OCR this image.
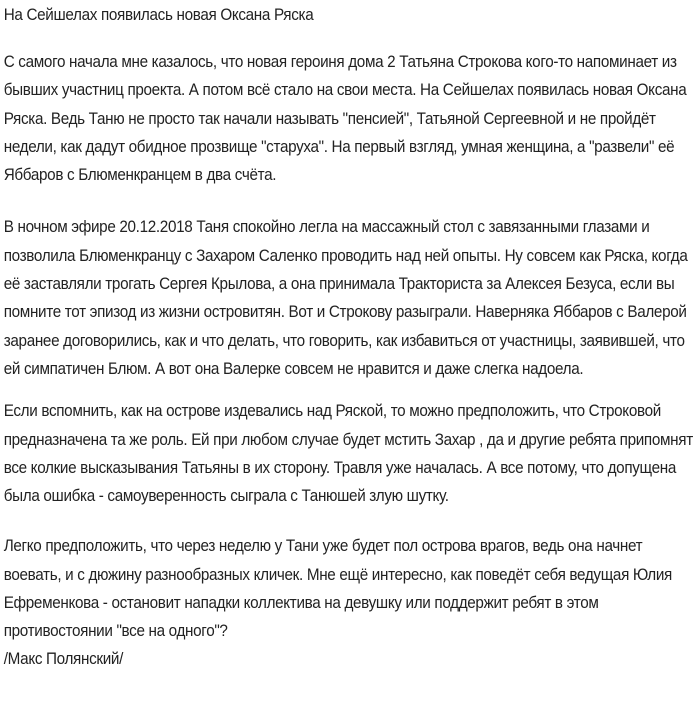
На Сейшелах появилась новая Оксана Ряска

С самого начала мне казалось, что новая героиня дома 2 Татьяна Строкова кого-то напоминает из бывших участниц проекта. А потом всё стало на свои места. На Сейшелах появилась новая Оксана Ряска. Ведь Таню не просто так начали называть "пенсией", Татьяной Сергеевной и не пройдёт недели, как дадут обидное прозвище "старуха". На первый взгляд, умная женщина, а "развели" её Яббаров с Блюменкранцем в два счёта.

В ночном эфире 20.12.2018 Таня спокойно легла на массажный стол с завязанными глазами и позволила Блюменкранцу с Захаром Саленко проводить над ней опыты. Ну совсем как Ряска, когда её заставляли трогать Сергея Крылова, а она принимала Тракториста за Алексея Безуса, если вы помните тот эпизод из жизни островитян. Вот и Строкову разыграли. Наверняка Яббаров с Валерой заранее договорились, как и что делать, что говорить, как избавиться от участницы, заявившей, что ей симпатичен Блюм. А вот она Валерке совсем не нравится и даже слегка надоела.

Если вспомнить, как на острове издевались над Ряской, то можно предположить, что Строковой предназначена та же роль. Ей при любом случае будет мстить Захар , да и другие ребята припомнят все колкие высказывания Татьяны в их сторону. Травля уже началась. А все потому, что допущена была ошибка - самоуверенность сыграла с Танюшей злую шутку.

Легко предположить, что через неделю у Тани уже будет пол острова врагов, ведь она начнет воевать, и с дюжину разнообразных кличек. Мне ещё интересно, как поведёт себя ведущая Юлия Ефременкова - остановит нападки коллектива на девушку или поддержит ребят в этом противостоянии "все на одного"?

/Макс Полянский/
